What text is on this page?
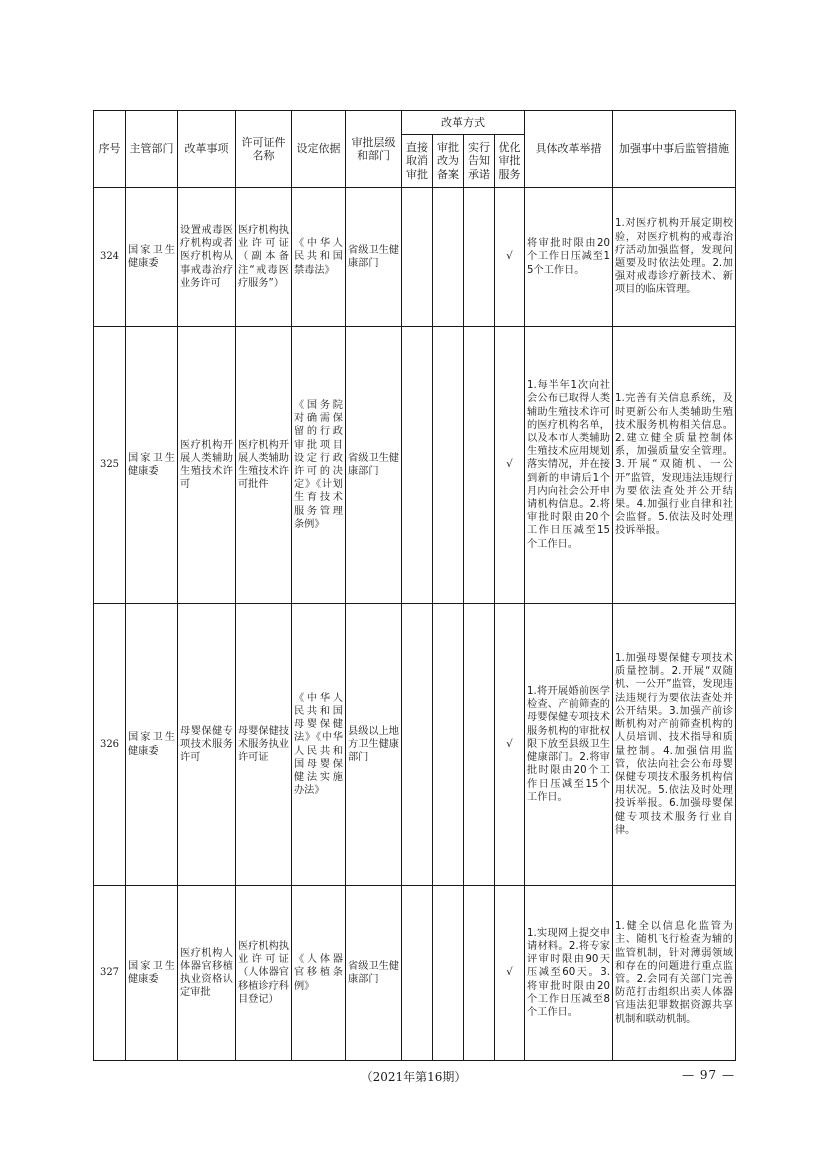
序号	主管部门	改革事项	许可证件名称	设定依据	审批层级和部门	改革方式				具体改革举措	加强事中事后监管措施
						直接取消审批	审批改为备案	实行告知承诺	优化审批服务		
324	国家卫生健康委	设置戒毒医疗机构或者医疗机构从事戒毒治疗业务许可	医疗机构执业许可证（副本备注“戒毒医疗服务”）	《中华人民共和国禁毒法》	省级卫生健康部门				√	将审批时限由20个工作日压减至15个工作日。	1.对医疗机构开展定期校验，对医疗机构的戒毒治疗活动加强监督，发现问题要及时依法处理。2.加强对戒毒诊疗新技术、新项目的临床管理。
325	国家卫生健康委	医疗机构开展人类辅助生殖技术许可	医疗机构开展人类辅助生殖技术许可批件	《国务院对确需保留的行政审批项目设定行政许可的决定》《计划生育技术服务管理条例》	省级卫生健康部门				√	1.每半年1次向社会公布已取得人类辅助生殖技术许可的医疗机构名单，以及本市人类辅助生殖技术应用规划落实情况，并在接到新的申请后1个月内向社会公开申请机构信息。2.将审批时限由20个工作日压减至15个工作日。	1.完善有关信息系统，及时更新公布人类辅助生殖技术服务机构相关信息。2.建立健全质量控制体系，加强质量安全管理。3.开展“双随机、一公开”监管，发现违法违规行为要依法查处并公开结果。4.加强行业自律和社会监督。5.依法及时处理投诉举报。
326	国家卫生健康委	母婴保健专项技术服务许可	母婴保健技术服务执业许可证	《中华人民共和国母婴保健法》《中华人民共和国母婴保健法实施办法》	县级以上地方卫生健康部门				√	1.将开展婚前医学检查、产前筛查的母婴保健专项技术服务机构的审批权限下放至县级卫生健康部门。2.将审批时限由20个工作日压减至15个工作日。	1.加强母婴保健专项技术质量控制。2.开展“双随机、一公开”监管，发现违法违规行为要依法查处并公开结果。3.加强产前诊断机构对产前筛查机构的人员培训、技术指导和质量控制。4.加强信用监管，依法向社会公布母婴保健专项技术服务机构信用状况。5.依法及时处理投诉举报。6.加强母婴保健专项技术服务行业自律。
327	国家卫生健康委	医疗机构人体器官移植执业资格认定审批	医疗机构执业许可证（人体器官移植诊疗科目登记）	《人体器官移植条例》	省级卫生健康部门				√	1.实现网上提交申请材料。2.将专家评审时限由90天压减至60天。3.将审批时限由20个工作日压减至8个工作日。	1.健全以信息化监管为主、随机飞行检查为辅的监管机制，针对薄弱领域和存在的问题进行重点监管。2.会同有关部门完善防范打击组织出卖人体器官违法犯罪数据资源共享机制和联动机制。
（2021年第16期）	— 97 —
